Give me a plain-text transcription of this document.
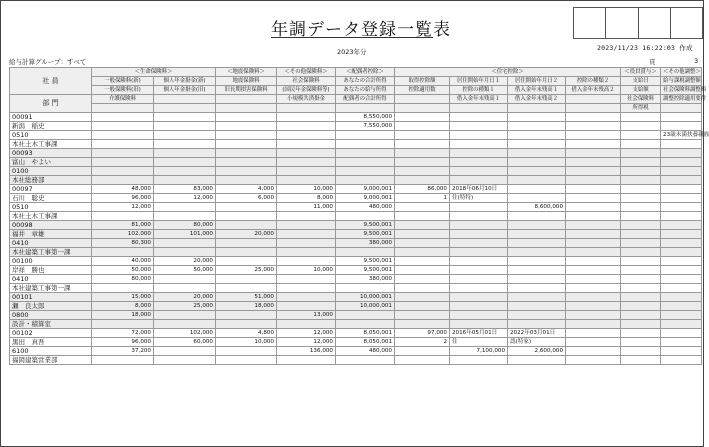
年調データ登録一覧表
2023年分	2023/11/23 16:22:03 作成
給与計算グループ：すべて	頁	3
社 員	＜生命保険料＞		＜地震保険料＞	＜その他保険料＞	＜配偶者控除＞	＜住宅控除＞				＜役員賞与＞	＜その他調整＞
	一般保険料(新)	個人年金掛金(新)	地震保険料	社会保険料	あなたの合計所得	取得控除額	居住開始年月日１	居住開始年月日２	控除の種類２	支給日	給与課税調整額
	一般保険料(旧)	個人年金掛金(旧)	旧長期損害保険料	(国民年金保険料等)	あなたの給与所得	控除適用数	控除の種類１	借入金年末残高１	借入金年末残高２	支給額	社会保険料調整額
部 門	介護保険料			小規模共済掛金	配偶者の合計所得		借入金年末残高１	借入金年末残高２		社会保険料	調整控除適用要件
										所得税	
00091					8,550,000						
新潟　稲史					7,550,000						
0510											23歳未満扶養親族
本社土木工事課											
00093											
富山　やよい											
0100											
本社総務部											
00097	48,000	83,000	4,000	10,000	9,000,001	86,000	2018年06月10日				
石川　聡史	96,000	12,000	6,000	8,000	9,000,001	1	住(特特)				
0510	12,000			11,000	480,000			8,600,000			
本社土木工事課											
00098	81,000	80,000			9,500,001						
福井　章雄	102,000	101,000	20,000		9,500,001						
0410	80,300				380,000						
本社建築工事第一課											
00100	40,000	20,000			9,500,001						
岸祥　勝也	50,000	50,000	25,000	10,000	9,500,001						
0410	80,000				380,000						
本社建築工事第一課											
00101	15,000	20,000	51,000		10,000,001						
瀬　良太郎	8,000	25,000	18,000		10,000,001						
0800	18,000			13,000							
設計・積算室											
00102	72,000	102,000	4,800	12,000	8,050,001	97,000	2016年05月01日	2022年03月01日			
黒田　真吾	96,000	60,000	10,000	12,000	8,050,001	2	住	認(特家)			
6100	37,200			136,000	480,000		7,100,000	2,600,000			
福岡建築営業部											
